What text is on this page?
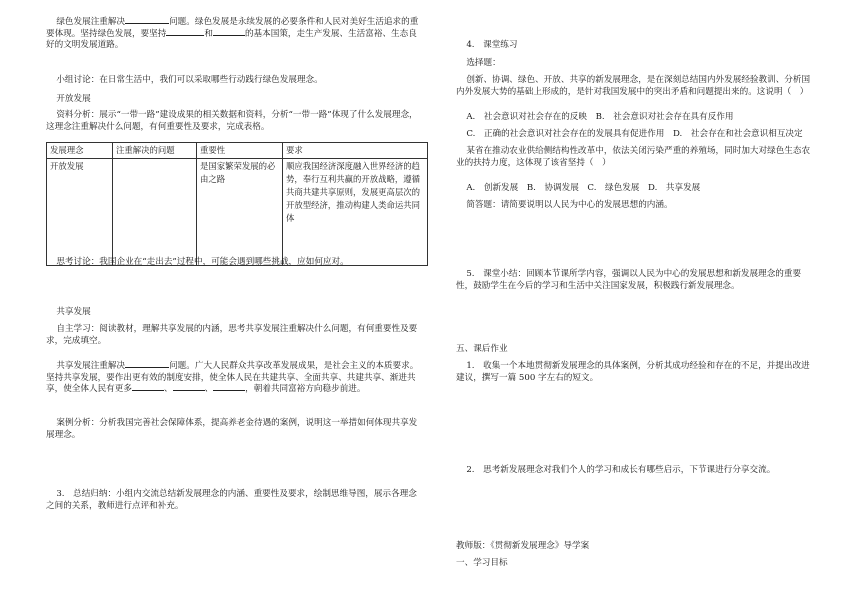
绿色发展注重解决	问题。绿色发展是永续发展的必要条件和人民对美好生活追求的重要体现。坚持绿色发展，要坚持	和	的基本国策，走生产发展、生活富裕、生态良好的文明发展道路。
小组讨论：在日常生活中，我们可以采取哪些行动践行绿色发展理念。
开放发展
资料分析：展示“一带一路”建设成果的相关数据和资料，分析“一带一路”体现了什么发展理念，这理念注重解决什么问题，有何重要性及要求，完成表格。
发展理念	注重解决的问题	重要性	要求
开放发展		是国家繁荣发展的必由之路	顺应我国经济深度融入世界经济的趋势，奉行互利共赢的开放战略，遵循共商共建共享原则，发展更高层次的开放型经济，推动构建人类命运共同体
思考讨论：我国企业在“走出去”过程中，可能会遇到哪些挑战，应如何应对。
共享发展
自主学习：阅读教材，理解共享发展的内涵，思考共享发展注重解决什么问题，有何重要性及要求，完成填空。
共享发展注重解决	问题。广大人民群众共享改革发展成果，是社会主义的本质要求。坚持共享发展，要作出更有效的制度安排，使全体人民在共建共享、全面共享、共建共享、渐进共享，使全体人民有更多	、	、	，朝着共同富裕方向稳步前进。
案例分析：分析我国完善社会保障体系，提高养老金待遇的案例，说明这一举措如何体现共享发展理念。
3.　总结归纳：小组内交流总结新发展理念的内涵、重要性及要求，绘制思维导图，展示各理念之间的关系，教师进行点评和补充。
4.　课堂练习
选择题：
创新、协调、绿色、开放、共享的新发展理念，是在深刻总结国内外发展经验教训、分析国内外发展大势的基础上形成的，是针对我国发展中的突出矛盾和问题提出来的。这说明（　）
A.　社会意识对社会存在的反映　B.　社会意识对社会存在具有反作用
C.　正确的社会意识对社会存在的发展具有促进作用　D.　社会存在和社会意识相互决定
某省在推动农业供给侧结构性改革中，依法关闭污染严重的养殖场，同时加大对绿色生态农业的扶持力度，这体现了该省坚持（　）
A.　创新发展　B.　协调发展　C.　绿色发展　D.　共享发展
简答题：请简要说明以人民为中心的发展思想的内涵。
5.　课堂小结：回顾本节课所学内容，强调以人民为中心的发展思想和新发展理念的重要性，鼓励学生在今后的学习和生活中关注国家发展，积极践行新发展理念。
五、课后作业
1.　收集一个本地贯彻新发展理念的具体案例，分析其成功经验和存在的不足，并提出改进建议，撰写一篇 500 字左右的短文。
2.　思考新发展理念对我们个人的学习和成长有哪些启示，下节课进行分享交流。
教师版：《贯彻新发展理念》导学案
一、学习目标
